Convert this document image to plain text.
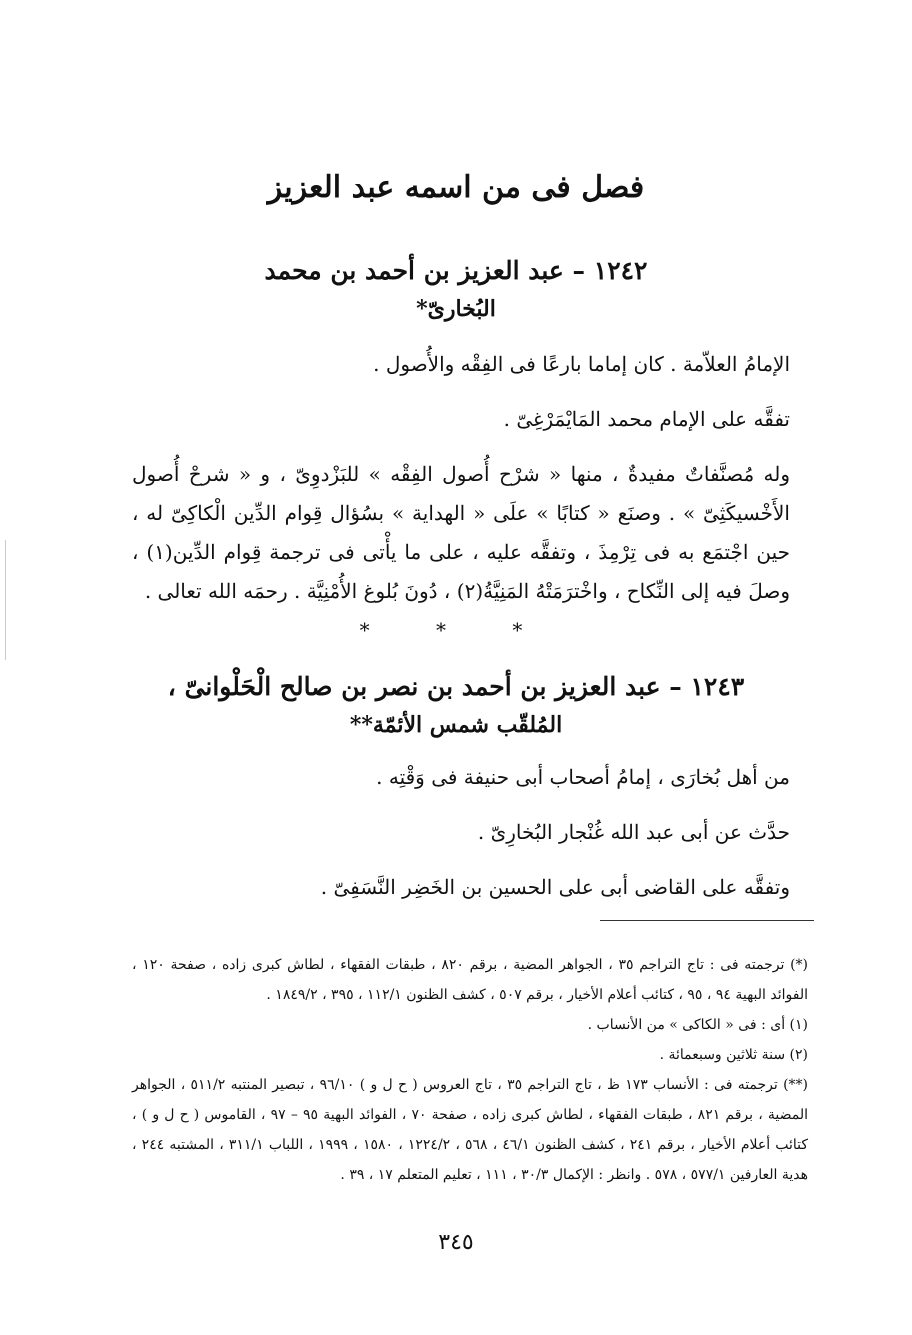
فصل فى من اسمه عبد العزيز
١٢٤٢ – عبد العزيز بن أحمد بن محمد
البُخارىّ*

الإمامُ العلاّمة . كان إماما بارعًا فى الفِقْه والأُصول .

تفقَّه على الإمام محمد المَايْمَرْغِىّ .

وله مُصنَّفاتٌ مفيدةٌ ، منها « شرْح أُصول الفِقْه » للبَزْدوِىّ ، و « شرحْ أُصول الأَخْسيكَثِىّ » . وصنَع « كتابًا » علَى « الهداية » بسُؤال قِوام الدِّين الْكاكِىّ له ، حين اجْتمَع به فى تِرْمِذَ ، وتفقَّه عليه ، على ما يأْتى فى ترجمة قِوام الدِّين(١) ، وصلَ فيه إلى النِّكاح ، واخْترَمَتْهُ المَنِيَّةُ(٢) ، دُونَ بُلوغ الأُمْنِيَّة . رحمَه الله تعالى .

* * *
١٢٤٣ – عبد العزيز بن أحمد بن نصر بن صالح الْحَلْوانىّ ،
المُلقّب شمس الأئمّة**

من أهل بُخارَى ، إمامُ أصحاب أبى حنيفة فى وَقْتِه .

حدَّث عن أبى عبد الله غُنْجار البُخارِىّ .

وتفقَّه على القاضى أبى على الحسين بن الخَضِر النَّسَفِىّ .

(*) ترجمته فى : تاج التراجم ٣٥ ، الجواهر المضية ، برقم ٨٢٠ ، طبقات الفقهاء ، لطاش كبرى زاده ، صفحة ١٢٠ ، الفوائد البهية ٩٤ ، ٩٥ ، كتائب أعلام الأخيار ، برقم ٥٠٧ ، كشف الظنون ١١٢/١ ، ٣٩٥ ، ١٨٤٩/٢ .

(١) أى : فى « الكاكى » من الأنساب .

(٢) سنة ثلاثين وسبعمائة .

(**) ترجمته فى : الأنساب ١٧٣ ظ ، تاج التراجم ٣٥ ، تاج العروس ( ح ل و ) ٩٦/١٠ ، تبصير المنتبه ٥١١/٢ ، الجواهر المضية ، برقم ٨٢١ ، طبقات الفقهاء ، لطاش كبرى زاده ، صفحة ٧٠ ، الفوائد البهية ٩٥ – ٩٧ ، القاموس ( ح ل و ) ، كتائب أعلام الأخيار ، برقم ٢٤١ ، كشف الظنون ٤٦/١ ، ٥٦٨ ، ١٢٢٤/٢ ، ١٥٨٠ ، ١٩٩٩ ، اللباب ٣١١/١ ، المشتبه ٢٤٤ ، هدية العارفين ٥٧٧/١ ، ٥٧٨ . وانظر : الإكمال ٣٠/٣ ، ١١١ ، تعليم المتعلم ١٧ ، ٣٩ .

٣٤٥
